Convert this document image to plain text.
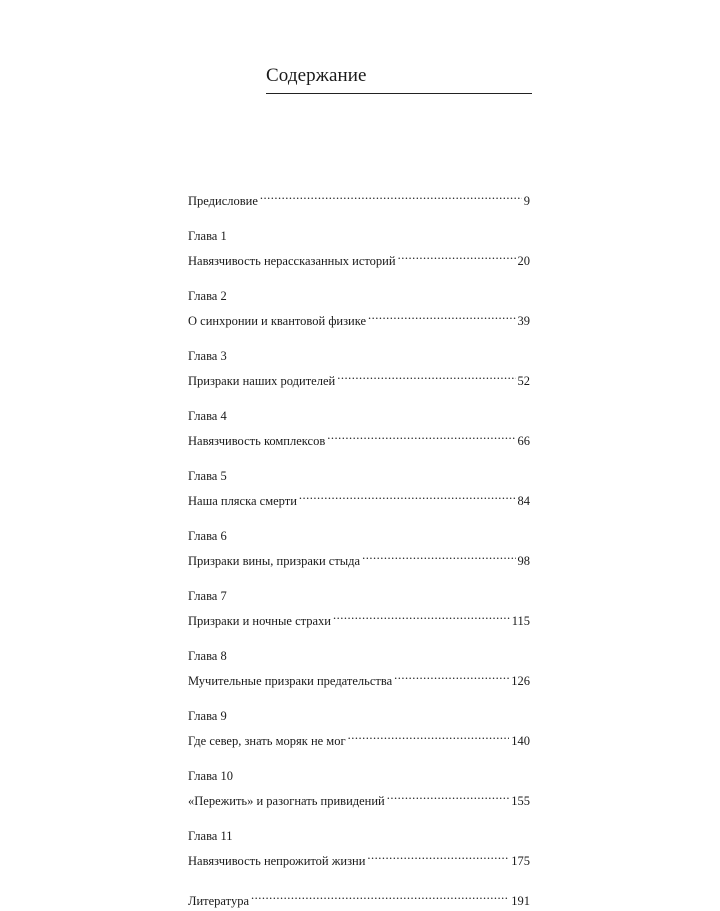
Содержание
Предисловие .....	9
Глава 1
Навязчивость нерассказанных историй .....	20
Глава 2
О синхронии и квантовой физике .....	39
Глава 3
Призраки наших родителей .....	52
Глава 4
Навязчивость комплексов .....	66
Глава 5
Наша пляска смерти .....	84
Глава 6
Призраки вины, призраки стыда .....	98
Глава 7
Призраки и ночные страхи .....	115
Глава 8
Мучительные призраки предательства .....	126
Глава 9
Где север, знать моряк не мог .....	140
Глава 10
«Пережить» и разогнать привидений .....	155
Глава 11
Навязчивость непрожитой жизни .....	175
Литература .....	191
